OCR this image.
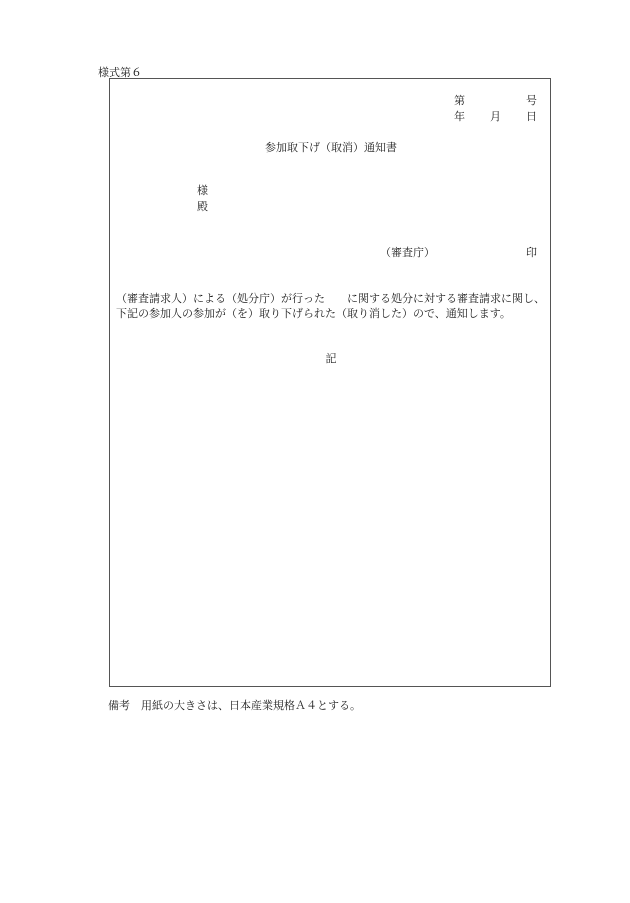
様式第６
第	号
年 月 日
参加取下げ（取消）通知書
様
殿
（審査庁）	印
（審査請求人）による（処分庁）が行った　　に関する処分に対する審査請求に関し、下記の参加人の参加が（を）取り下げられた（取り消した）ので、通知します。
記
備考　用紙の大きさは、日本産業規格Ａ４とする。
